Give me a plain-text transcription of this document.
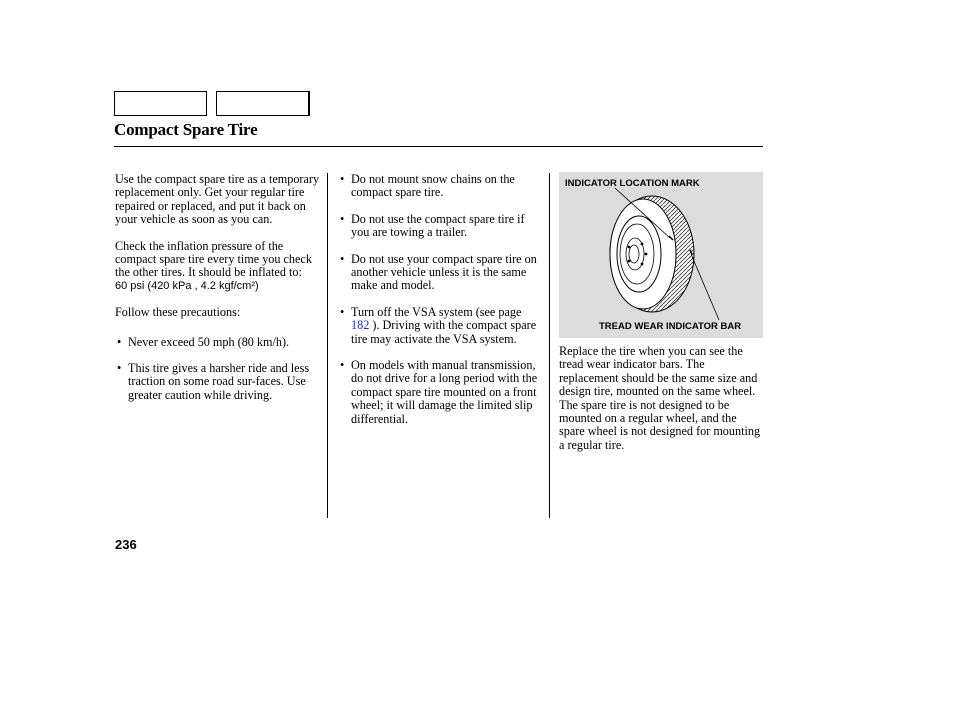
Compact Spare Tire

Use the compact spare tire as a temporary replacement only. Get your regular tire repaired or replaced, and put it back on your vehicle as soon as you can.

Check the inflation pressure of the compact spare tire every time you check the other tires. It should be inflated to:

60 psi (420 kPa , 4.2 kgf/cm²)

Follow these precautions:

• Never exceed 50 mph (80 km/h).
• This tire gives a harsher ride and less traction on some road sur-faces. Use greater caution while driving.
• Do not mount snow chains on the compact spare tire.
• Do not use the compact spare tire if you are towing a trailer.
• Do not use your compact spare tire on another vehicle unless it is the same make and model.
• Turn off the VSA system (see page 182 ). Driving with the compact spare tire may activate the VSA system.
• On models with manual transmission, do not drive for a long period with the compact spare tire mounted on a front wheel; it will damage the limited slip differential.
INDICATOR LOCATION MARK
TREAD WEAR INDICATOR BAR

Replace the tire when you can see the tread wear indicator bars. The replacement should be the same size and design tire, mounted on the same wheel. The spare tire is not designed to be mounted on a regular wheel, and the spare wheel is not designed for mounting a regular tire.

236
